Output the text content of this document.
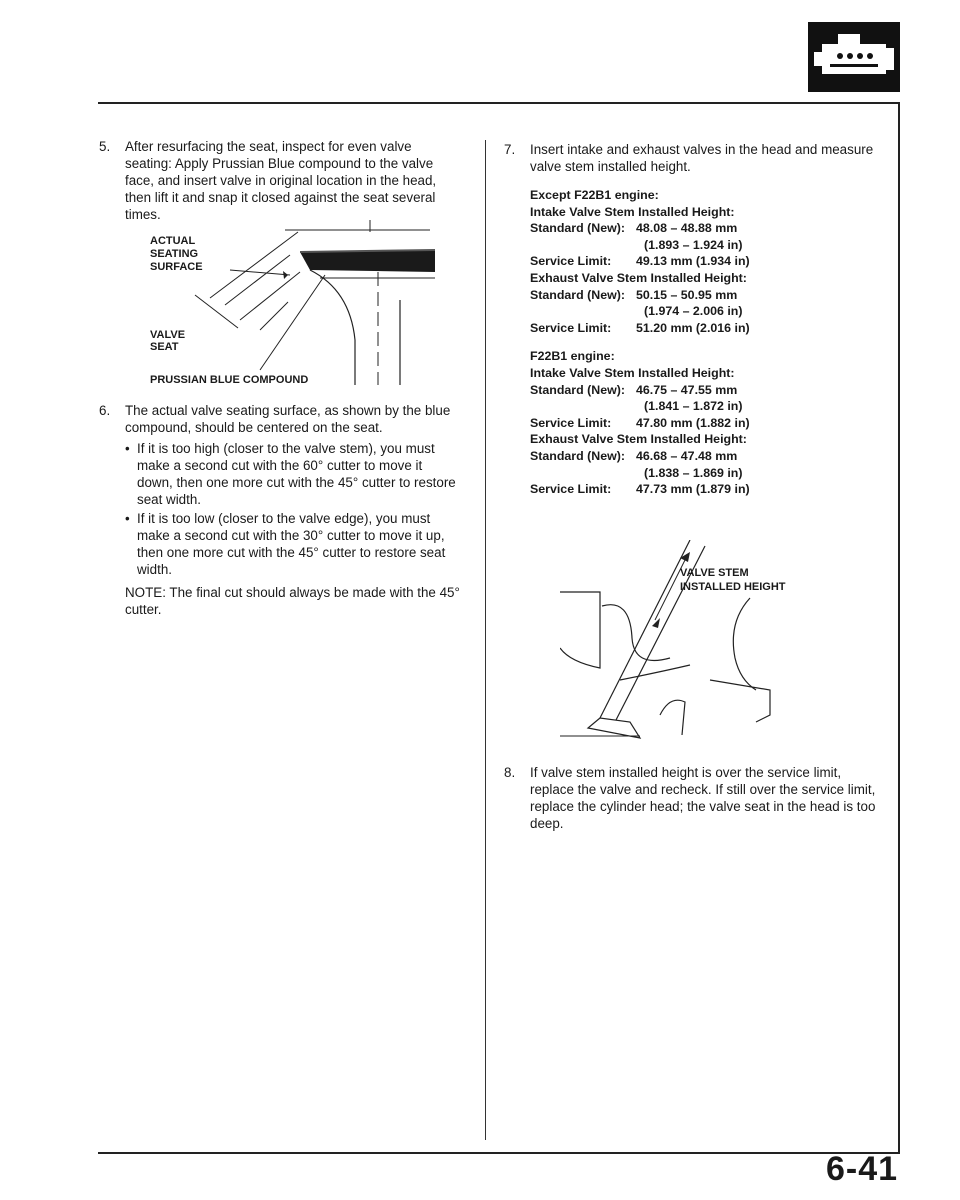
5. After resurfacing the seat, inspect for even valve seating: Apply Prussian Blue compound to the valve face, and insert valve in original location in the head, then lift it and snap it closed against the seat several times.

ACTUAL
SEATING
SURFACE
VALVE
SEAT
PRUSSIAN BLUE COMPOUND
6. The actual valve seating surface, as shown by the blue compound, should be centered on the seat.

• If it is too high (closer to the valve stem), you must make a second cut with the 60° cutter to move it down, then one more cut with the 45° cutter to restore seat width.
• If it is too low (closer to the valve edge), you must make a second cut with the 30° cutter to move it up, then one more cut with the 45° cutter to restore seat width.
NOTE: The final cut should always be made with the 45° cutter.
7. Insert intake and exhaust valves in the head and measure valve stem installed height.

Except F22B1 engine:
Intake Valve Stem Installed Height:
Standard (New): 48.08 – 48.88 mm
(1.893 – 1.924 in)
Service Limit:	49.13 mm (1.934 in)
Exhaust Valve Stem Installed Height:
Standard (New): 50.15 – 50.95 mm
(1.974 – 2.006 in)
Service Limit:	51.20 mm (2.016 in)
F22B1 engine:
Intake Valve Stem Installed Height:
Standard (New): 46.75 – 47.55 mm
(1.841 – 1.872 in)
Service Limit:	47.80 mm (1.882 in)
Exhaust Valve Stem Installed Height:
Standard (New): 46.68 – 47.48 mm
(1.838 – 1.869 in)
Service Limit:	47.73 mm (1.879 in)
VALVE STEM
INSTALLED HEIGHT
8. If valve stem installed height is over the service limit, replace the valve and recheck. If still over the service limit, replace the cylinder head; the valve seat in the head is too deep.

6-41
